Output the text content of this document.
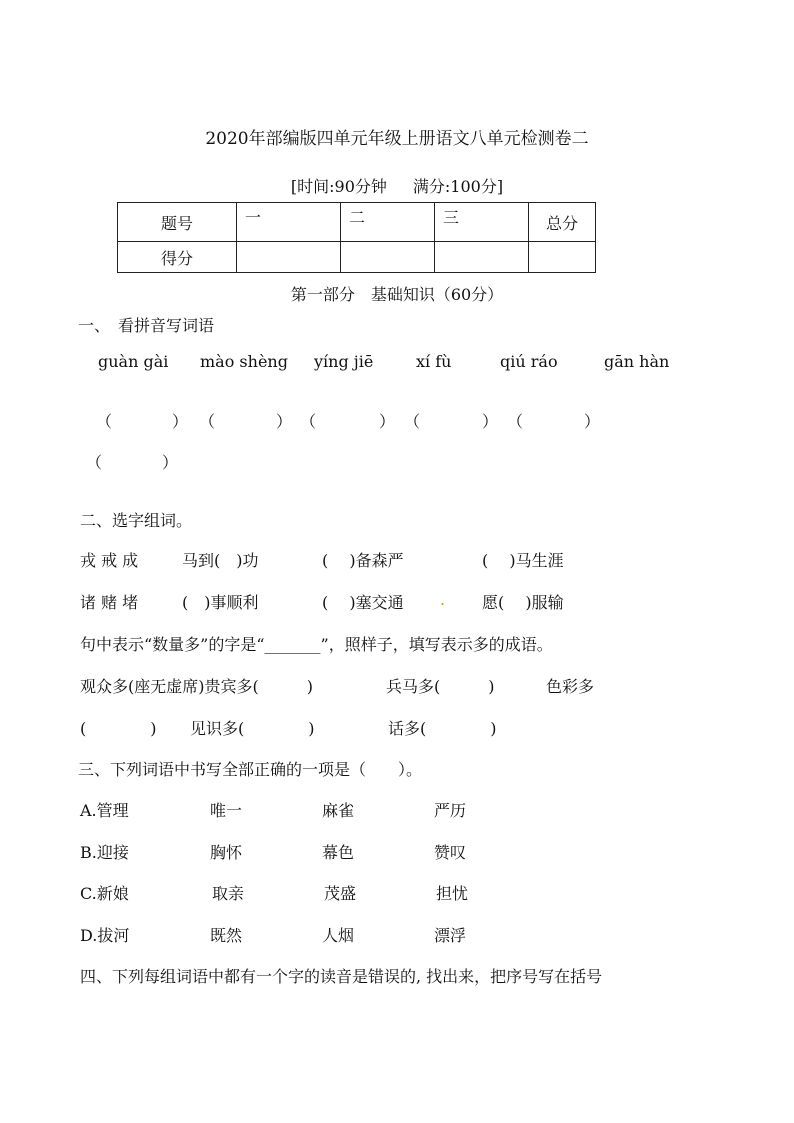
2020年部编版四单元年级上册语文八单元检测卷二
[时间:90分钟 满分:100分]
题号	一	二	三	总分
得分				
第一部分　基础知识（60分）
一、　看拼音写词语
guàn gài mào shèng yíng jiē	xí fù	qiú ráo	gān hàn
（	） （	） （	） （	） （	）
（	）
二、选字组词。
戎 戒 成	马到(　)功	(　 )备森严	(　 )马生涯
诸 赌 堵	(　)事顺利	(　 )塞交通 . 愿(　 )服输
句中表示“数量多”的字是“_______”，照样子，填写表示多的成语。
观众多(座无虚席)贵宾多(　　　)	兵马多(　　　)	色彩多
(　　　　) 见识多(　　　　)	话多(　　　　)
三、下列词语中书写全部正确的一项是（　　）。
A.管理	唯一	麻雀	严历
B.迎接	胸怀	幕色	赞叹
C.新娘	取亲	茂盛	担忧
D.拔河	既然	人烟	漂浮
四、下列每组词语中都有一个字的读音是错误的, 找出来，把序号写在括号
